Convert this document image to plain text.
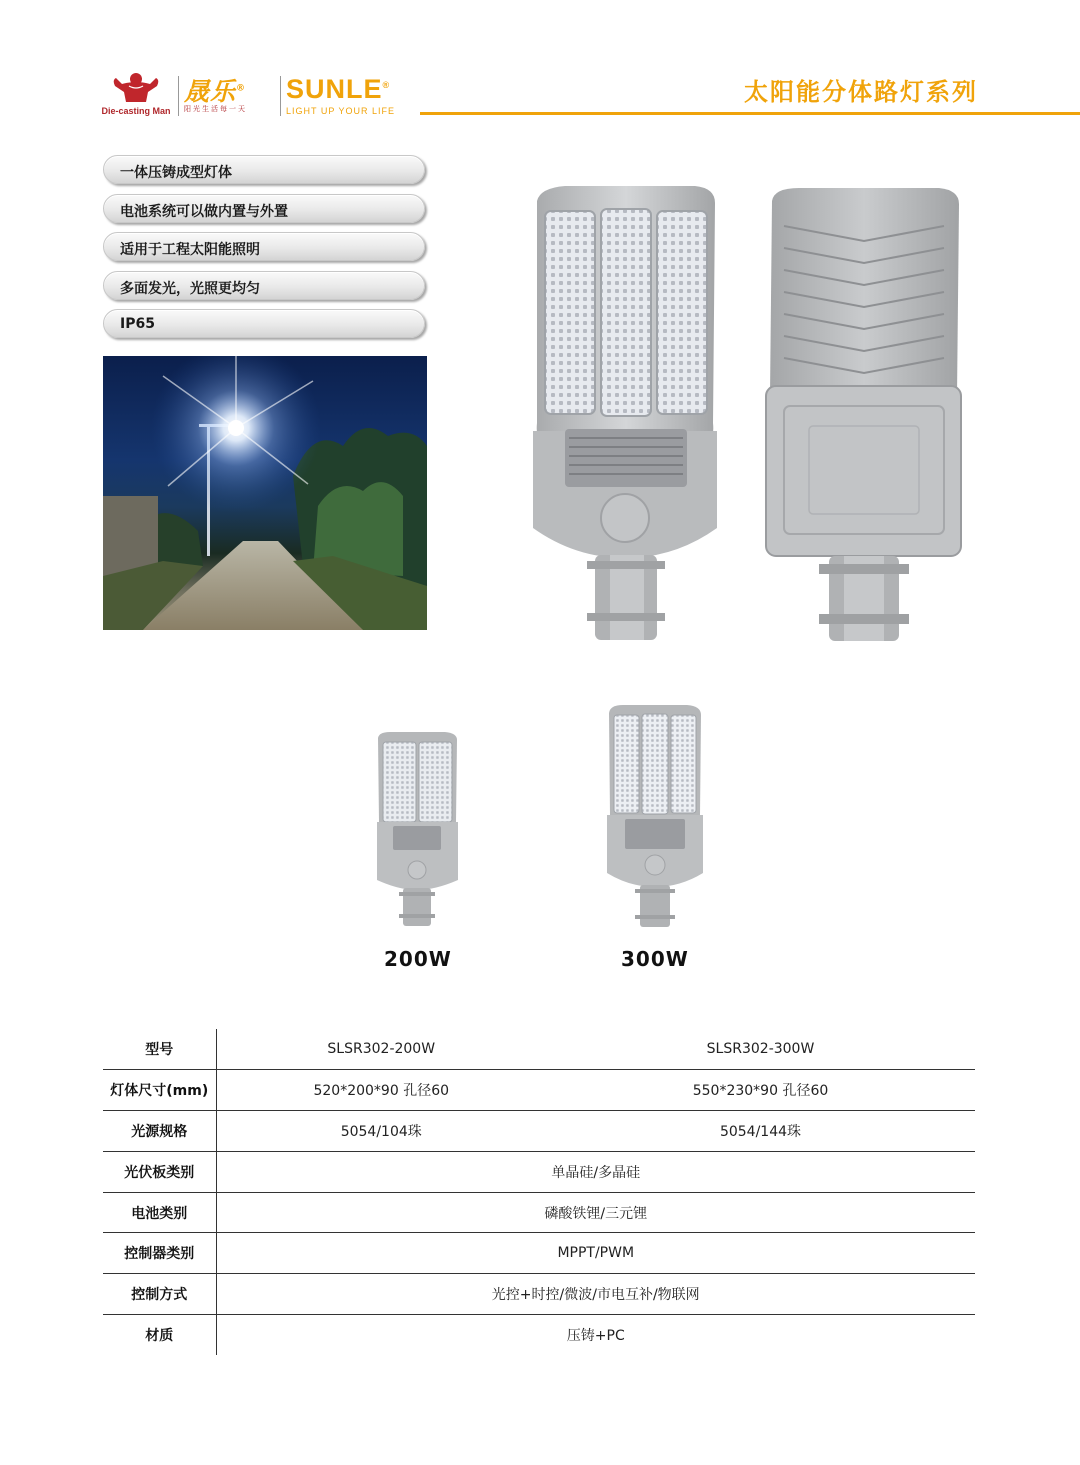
Die-casting Man
晟乐®
阳光生活每一天
SUNLE®
LIGHT UP YOUR LIFE
太阳能分体路灯系列
一体压铸成型灯体
电池系统可以做内置与外置
适用于工程太阳能照明
多面发光，光照更均匀
IP65
200W	300W
型号	SLSR302-200W	SLSR302-300W
灯体尺寸(mm)	520*200*90 孔径60	550*230*90 孔径60
光源规格	5054/104珠	5054/144珠
光伏板类别	单晶硅/多晶硅	
电池类别	磷酸铁锂/三元锂	
控制器类别	MPPT/PWM	
控制方式	光控+时控/微波/市电互补/物联网	
材质	压铸+PC	
